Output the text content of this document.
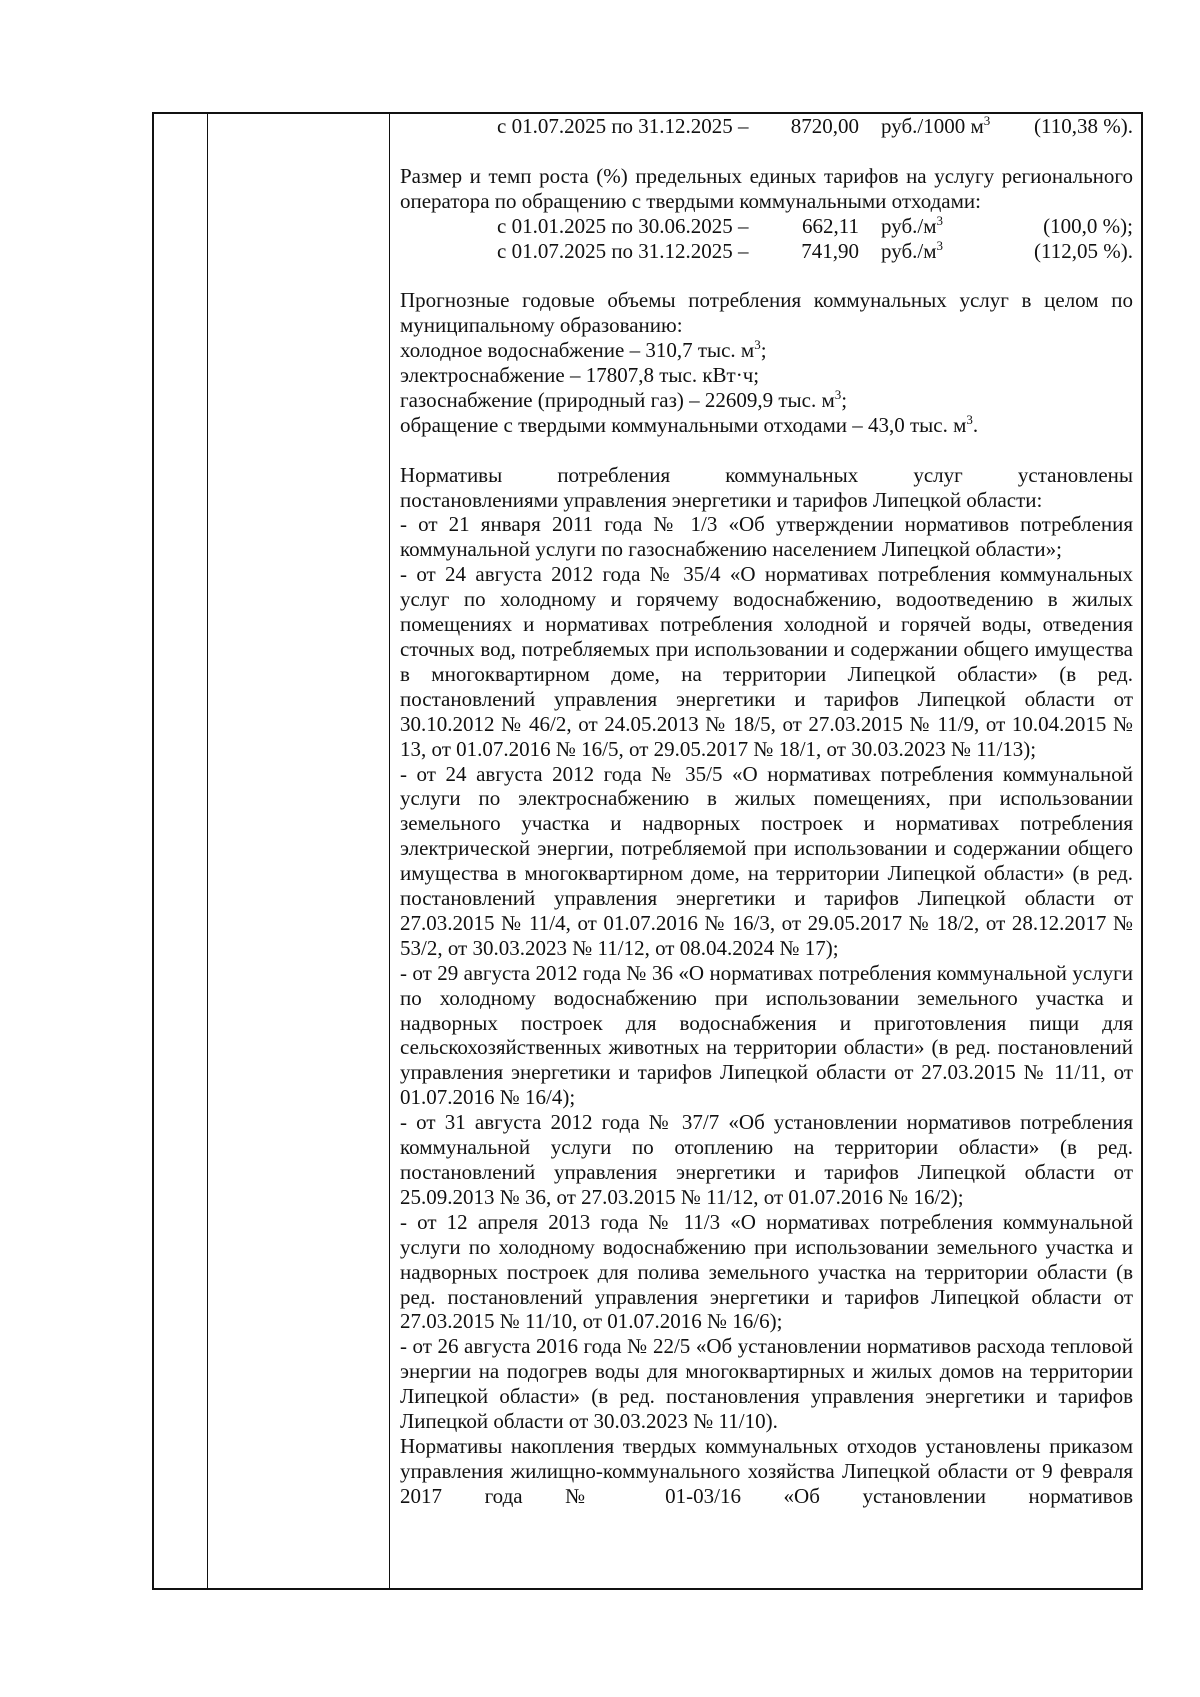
с 01.07.2025 по 31.12.2025 –	8720,00	руб./1000 $м^3$	(110,38 %).

Размер и темп роста (%) предельных единых тарифов на услугу регионального оператора по обращению с твердыми коммунальными отходами:

с 01.01.2025 по 30.06.2025 –	662,11	$руб./м^3$	(100,0 %);
с 01.07.2025 по 31.12.2025 –	741,90	$руб./м^3$	(112,05 %).

Прогнозные годовые объемы потребления коммунальных услуг в целом по муниципальному образованию:

холодное водоснабжение – 310,7 тыс. $м^3$;

электроснабжение – 17807,8 тыс. кВт·ч;

газоснабжение (природный газ) – 22609,9 тыс. $м^3$;

обращение с твердыми коммунальными отходами – 43,0 тыс. $м^3$.

Нормативы потребления коммунальных услуг установлены

постановлениями управления энергетики и тарифов Липецкой области:

- от 21 января 2011 года № 1/3 «Об утверждении нормативов потребления коммунальной услуги по газоснабжению населением Липецкой области»;

- от 24 августа 2012 года № 35/4 «О нормативах потребления коммунальных услуг по холодному и горячему водоснабжению, водоотведению в жилых помещениях и нормативах потребления холодной и горячей воды, отведения сточных вод, потребляемых при использовании и содержании общего имущества в многоквартирном доме, на территории Липецкой области» (в ред. постановлений управления энергетики и тарифов Липецкой области от 30.10.2012 № 46/2, от 24.05.2013 № 18/5, от 27.03.2015 № 11/9, от 10.04.2015 № 13, от 01.07.2016 № 16/5, от 29.05.2017 № 18/1, от 30.03.2023 № 11/13);

- от 24 августа 2012 года № 35/5 «О нормативах потребления коммунальной услуги по электроснабжению в жилых помещениях, при использовании земельного участка и надворных построек и нормативах потребления электрической энергии, потребляемой при использовании и содержании общего имущества в многоквартирном доме, на территории Липецкой области» (в ред. постановлений управления энергетики и тарифов Липецкой области от 27.03.2015 № 11/4, от 01.07.2016 № 16/3, от 29.05.2017 № 18/2, от 28.12.2017 № 53/2, от 30.03.2023 № 11/12, от 08.04.2024 № 17);

- от 29 августа 2012 года № 36 «О нормативах потребления коммунальной услуги по холодному водоснабжению при использовании земельного участка и надворных построек для водоснабжения и приготовления пищи для сельскохозяйственных животных на территории области» (в ред. постановлений управления энергетики и тарифов Липецкой области от 27.03.2015 № 11/11, от 01.07.2016 № 16/4);

- от 31 августа 2012 года № 37/7 «Об установлении нормативов потребления коммунальной услуги по отоплению на территории области» (в ред. постановлений управления энергетики и тарифов Липецкой области от 25.09.2013 № 36, от 27.03.2015 № 11/12, от 01.07.2016 № 16/2);

- от 12 апреля 2013 года № 11/3 «О нормативах потребления коммунальной услуги по холодному водоснабжению при использовании земельного участка и надворных построек для полива земельного участка на территории области (в ред. постановлений управления энергетики и тарифов Липецкой области от 27.03.2015 № 11/10, от 01.07.2016 № 16/6);

- от 26 августа 2016 года № 22/5 «Об установлении нормативов расхода тепловой энергии на подогрев воды для многоквартирных и жилых домов на территории Липецкой области» (в ред. постановления управления энергетики и тарифов Липецкой области от 30.03.2023 № 11/10).

Нормативы накопления твердых коммунальных отходов установлены приказом управления жилищно-коммунального хозяйства Липецкой области от 9 февраля 2017 года № 01-03/16 «Об установлении нормативов
